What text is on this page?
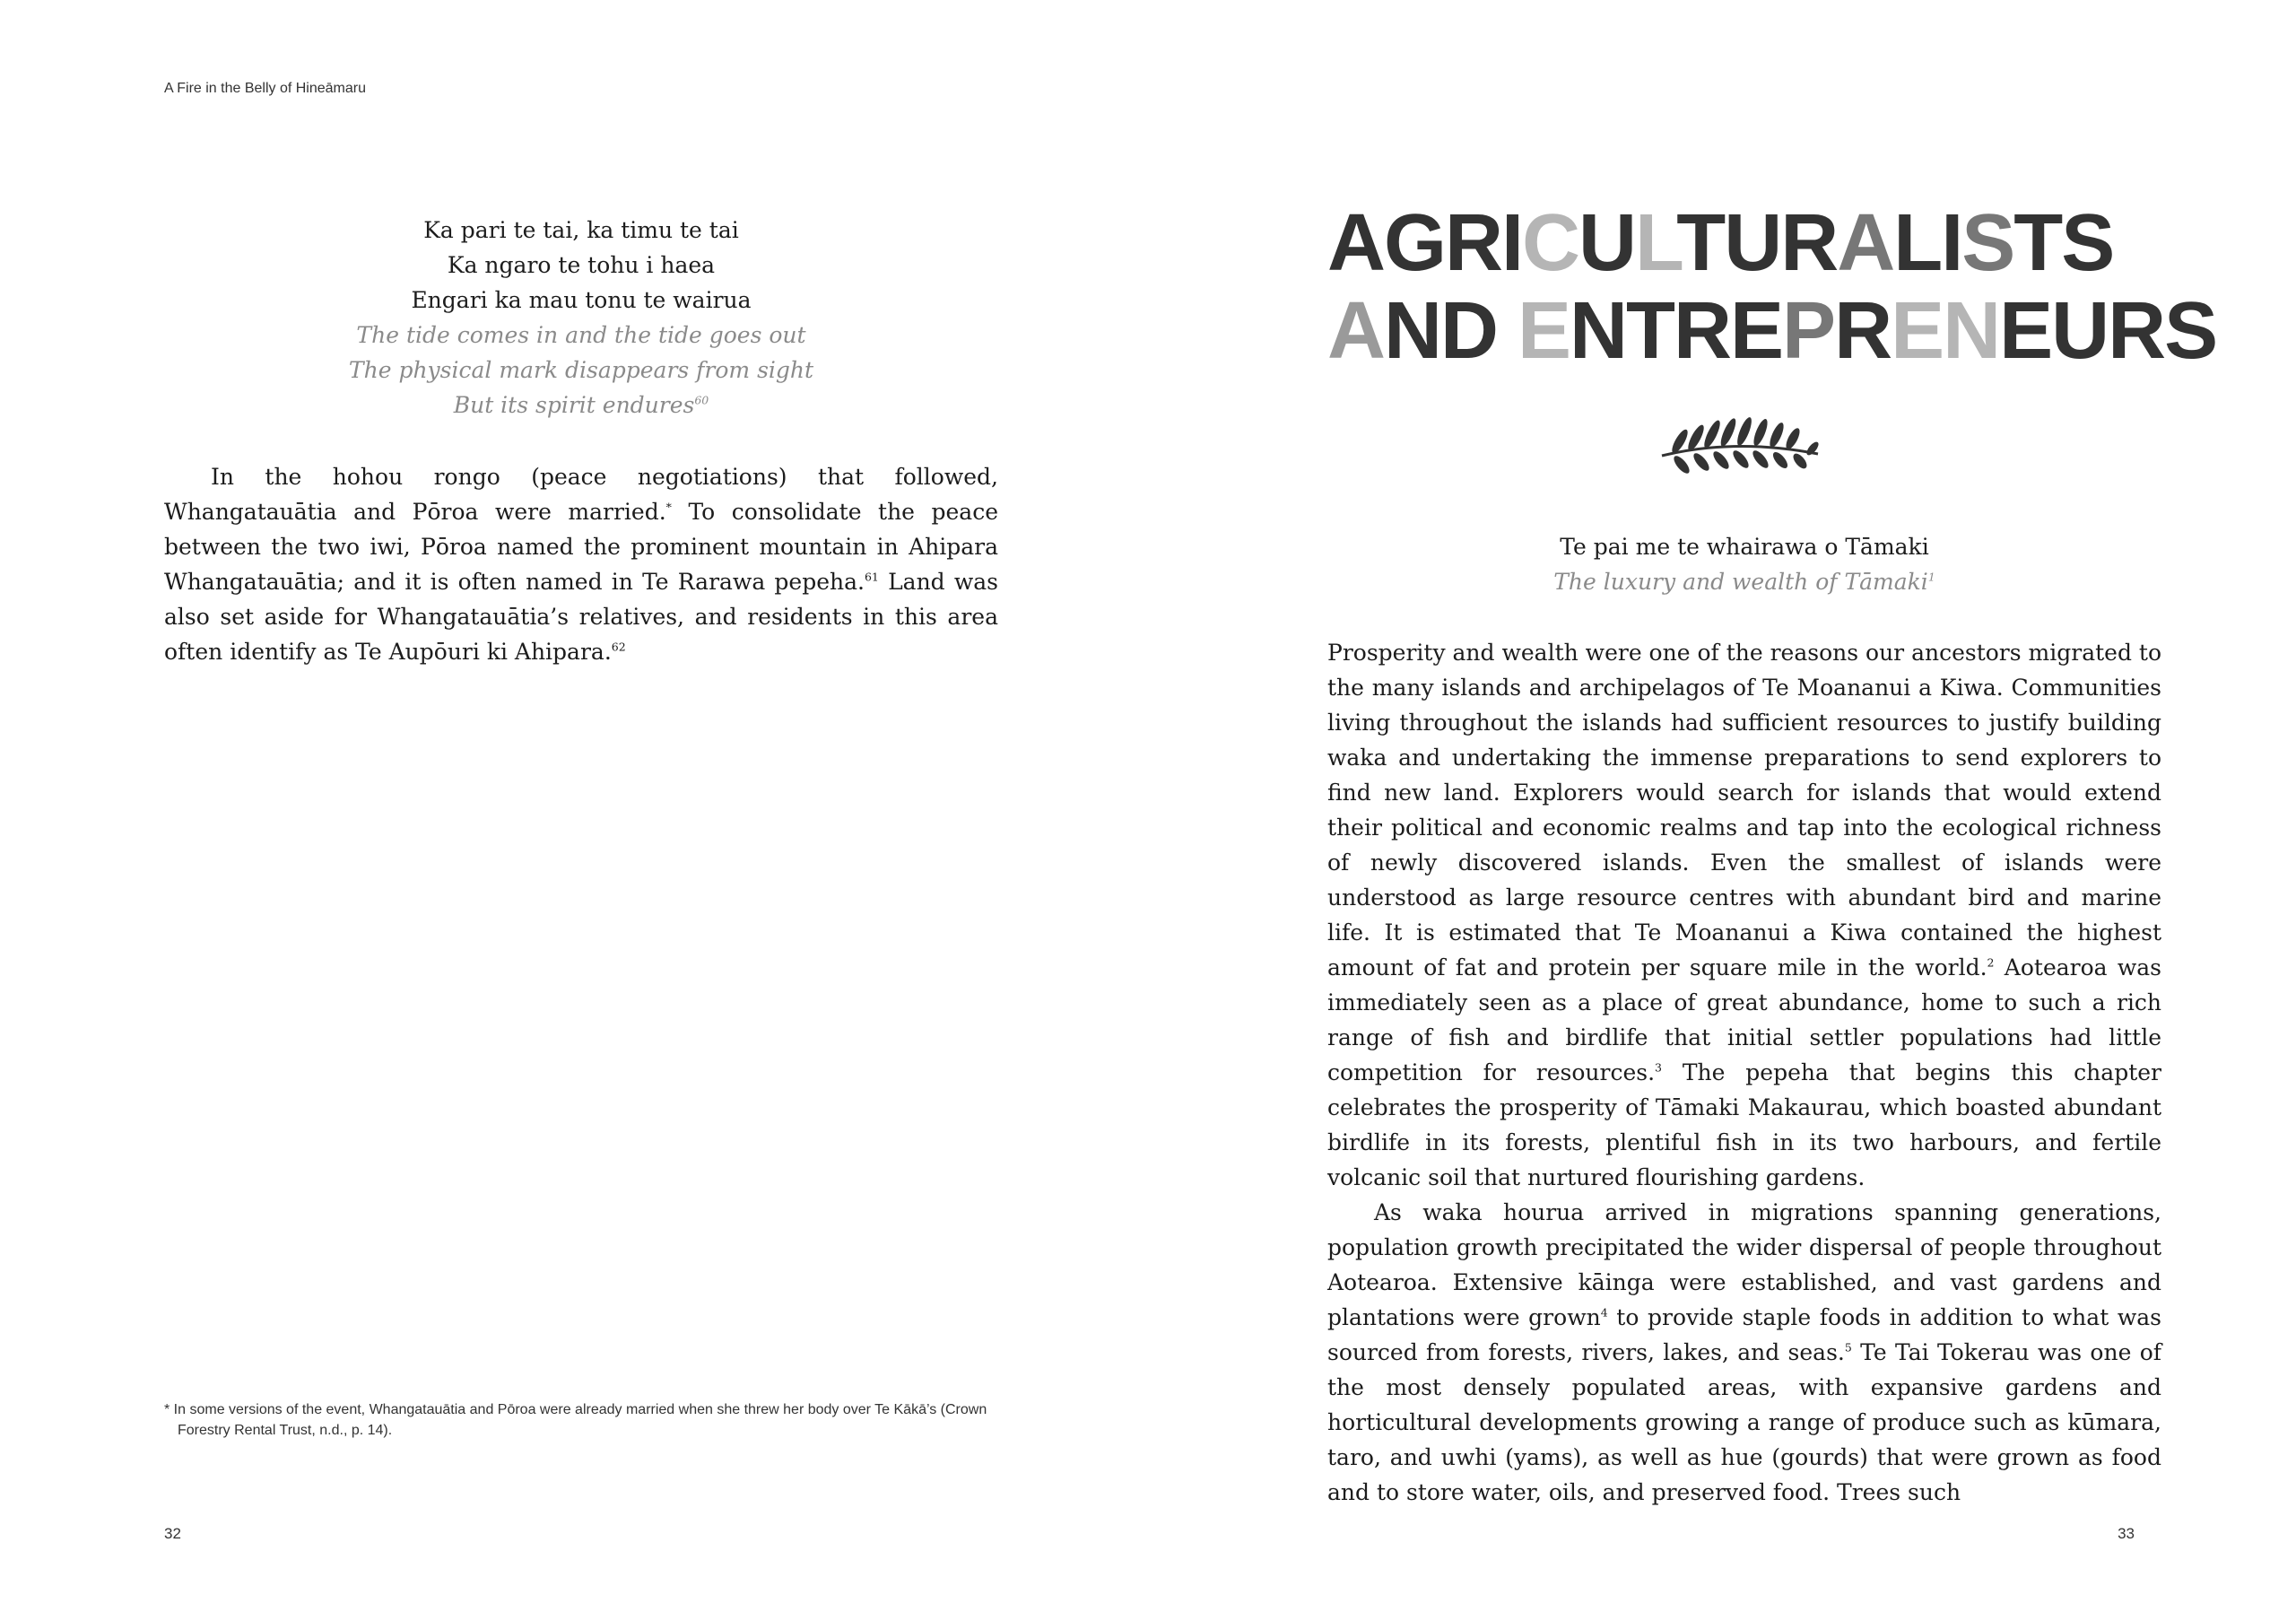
A Fire in the Belly of Hineāmaru
Ka pari te tai, ka timu te tai
Ka ngaro te tohu i haea
Engari ka mau tonu te wairua
The tide comes in and the tide goes out
The physical mark disappears from sight
But its spirit endures$^{60}$

In the hohou rongo (peace negotiations) that followed, Whangatauātia and Pōroa were married.* To consolidate the peace between the two iwi, Pōroa named the prominent mountain in Ahipara Whangatauātia; and it is often named in Te Rarawa pepeha.$^{61}$ Land was also set aside for Whangatauātia’s relatives, and residents in this area often identify as Te Aupōuri ki Ahipara.$^{62}$

* In some versions of the event, Whangatauātia and Pōroa were already married when she threw her body over Te Kākā’s (Crown Forestry Rental Trust, n.d., p. 14).
32
AGRICULTURALISTS
AND ENTREPRENEURS
Te pai me te whairawa o Tāmaki
The luxury and wealth of Tāmaki$^1$

Prosperity and wealth were one of the reasons our ancestors migrated to the many islands and archipelagos of Te Moananui a Kiwa. Communities living throughout the islands had sufficient resources to justify building waka and undertaking the immense preparations to send explorers to find new land. Explorers would search for islands that would extend their political and economic realms and tap into the ecological richness of newly discovered islands. Even the smallest of islands were understood as large resource centres with abundant bird and marine life. It is estimated that Te Moananui a Kiwa contained the highest amount of fat and protein per square mile in the world.$^2$ Aotearoa was immediately seen as a place of great abundance, home to such a rich range of fish and birdlife that initial settler populations had little competition for resources.$^3$ The pepeha that begins this chapter celebrates the prosperity of Tāmaki Makaurau, which boasted abundant birdlife in its forests, plentiful fish in its two harbours, and fertile volcanic soil that nurtured flourishing gardens.

As waka hourua arrived in migrations spanning generations, population growth precipitated the wider dispersal of people throughout Aotearoa. Extensive kāinga were established, and vast gardens and plantations were grown$^4$ to provide staple foods in addition to what was sourced from forests, rivers, lakes, and seas.$^5$ Te Tai Tokerau was one of the most densely populated areas, with expansive gardens and horticultural developments growing a range of produce such as kūmara, taro, and uwhi (yams), as well as hue (gourds) that were grown as food and to store water, oils, and preserved food. Trees such

33
